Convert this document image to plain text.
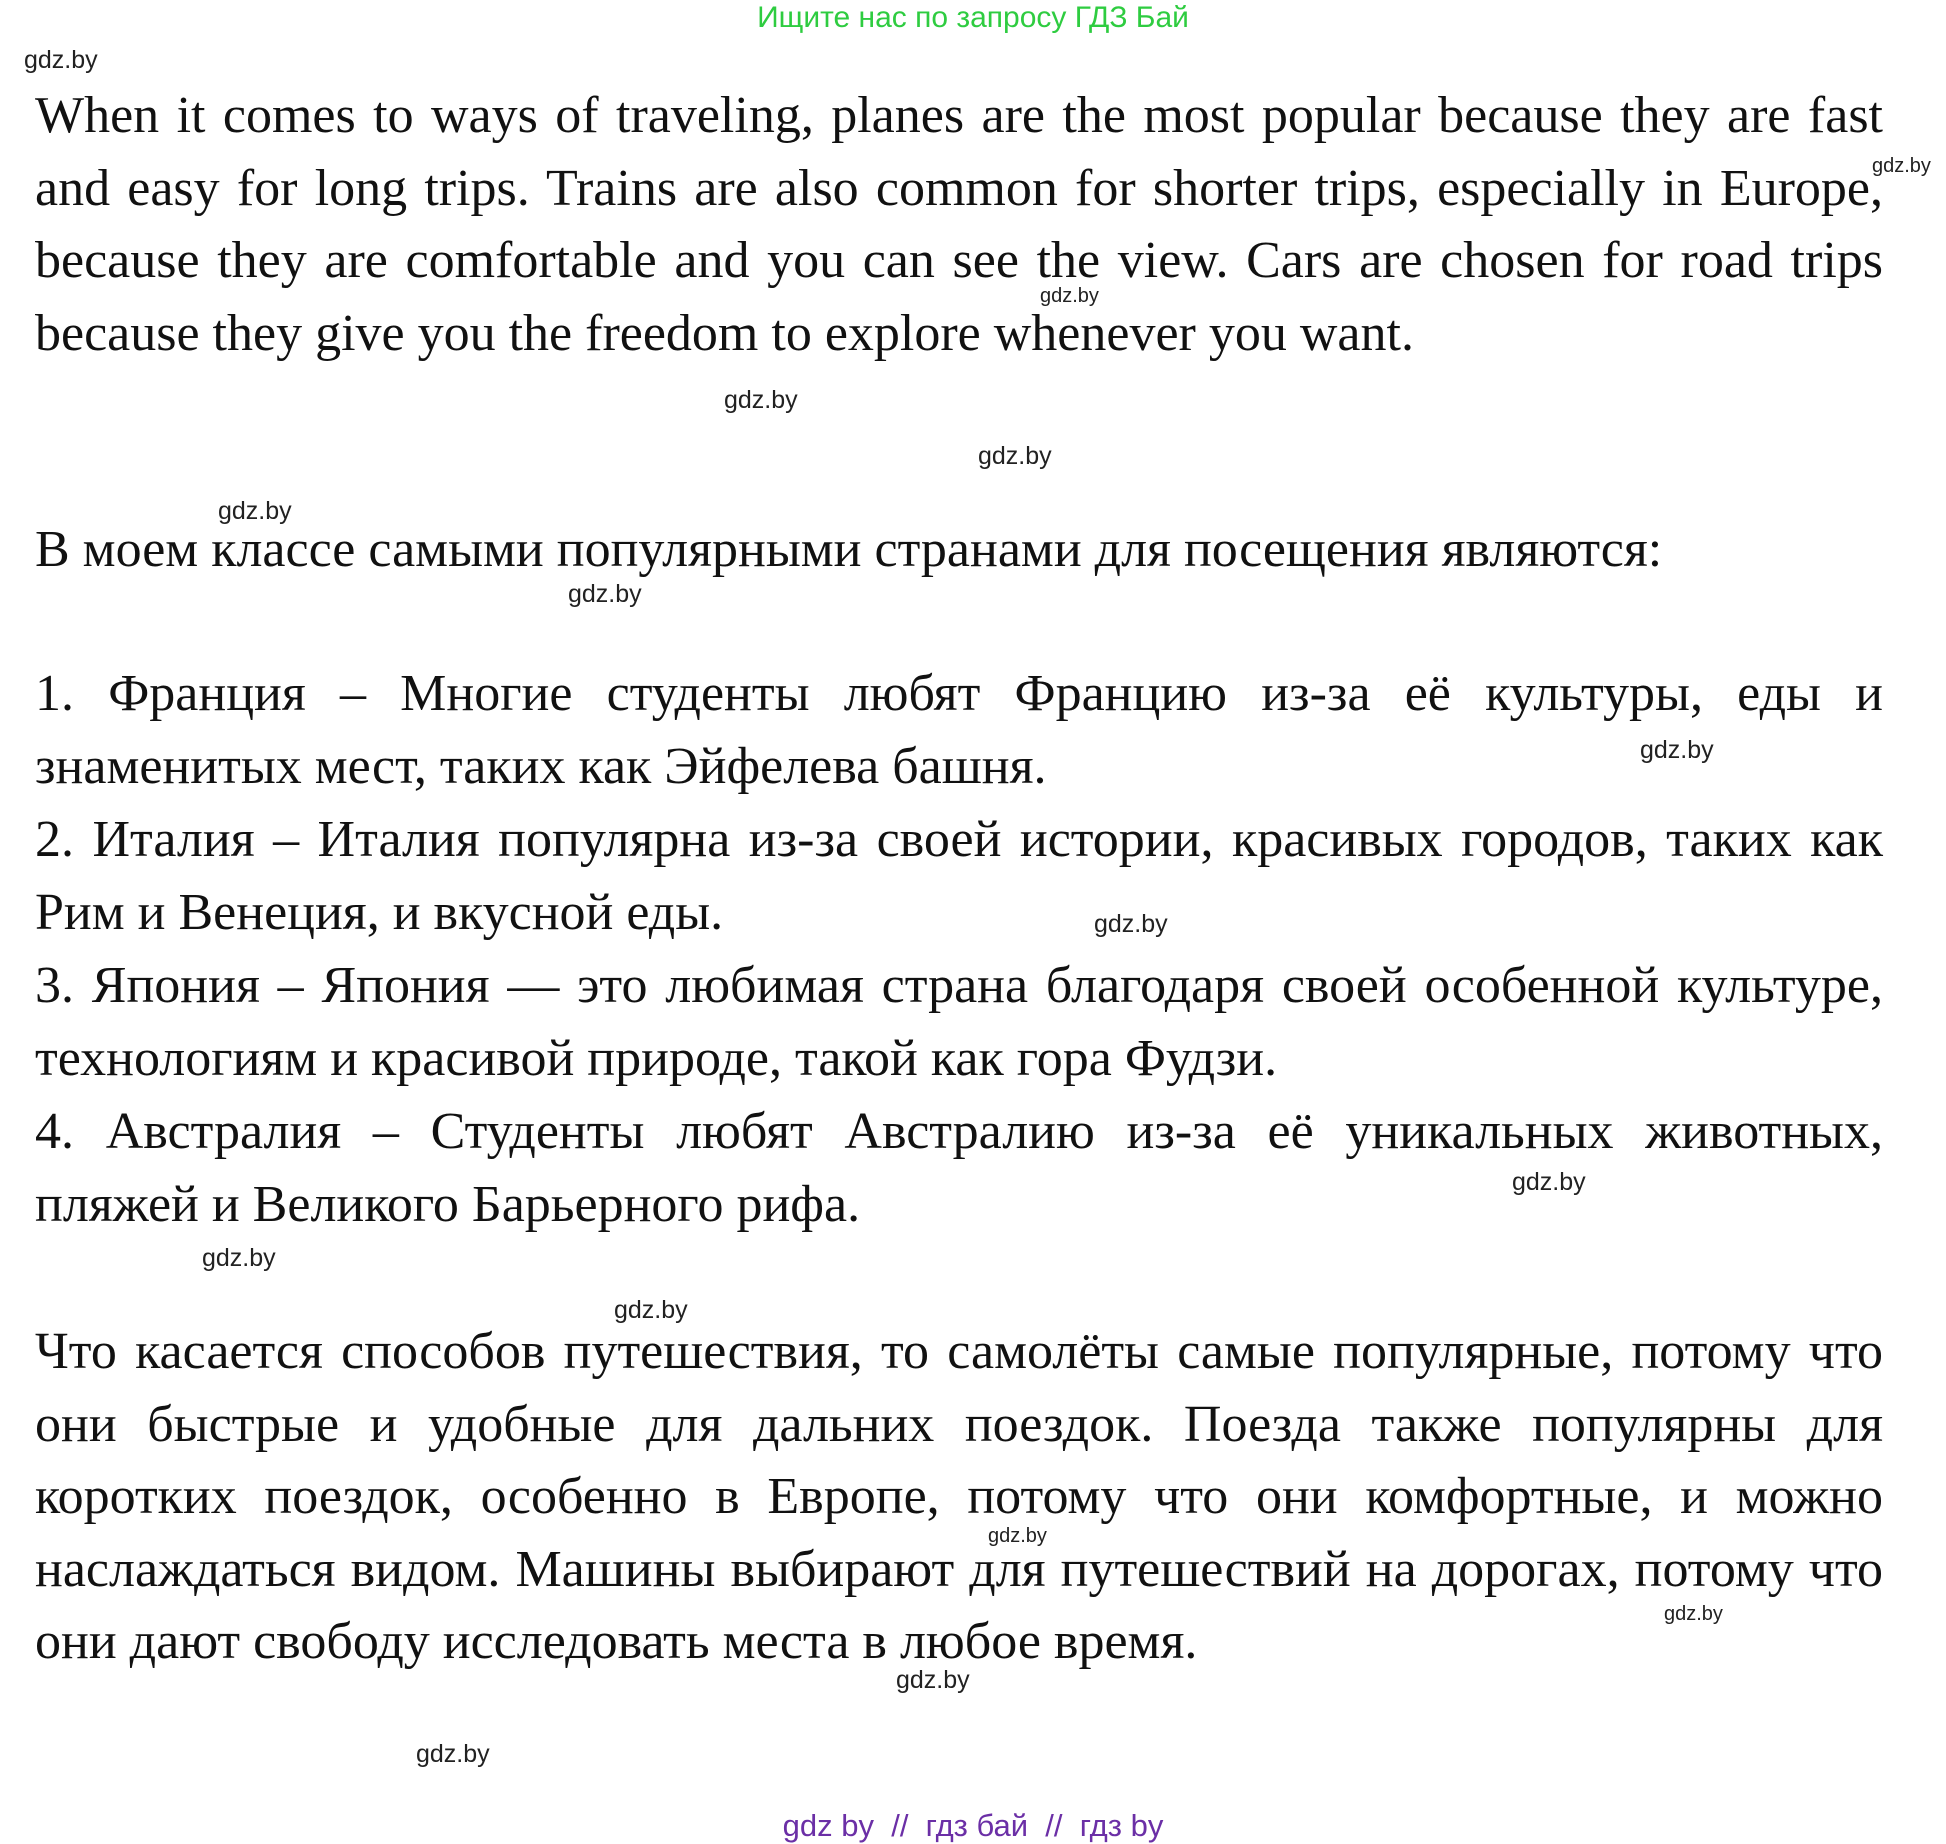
Ищите нас по запросу ГДЗ Бай
gdz.by

When it comes to ways of traveling, planes are the most popular because they are fast and easy for long trips. Trains are also common for shorter trips, especially in Europe, because they are comfortable and you can see the view. Cars are chosen for road trips because they give you the freedom to explore whenever you want.

gdz.by
gdz.by
gdz.by
gdz.by
gdz.by

В моем классе самыми популярными странами для посещения являются:

gdz.by

1. Франция – Многие студенты любят Францию из-за её культуры, еды и знаменитых мест, таких как Эйфелева башня.

2. Италия – Италия популярна из-за своей истории, красивых городов, таких как Рим и Венеция, и вкусной еды.

3. Япония – Япония — это любимая страна благодаря своей особенной культуре, технологиям и красивой природе, такой как гора Фудзи.

4. Австралия – Студенты любят Австралию из-за её уникальных животных, пляжей и Великого Барьерного рифа.

gdz.by
gdz.by
gdz.by
gdz.by
gdz.by

Что касается способов путешествия, то самолёты самые популярные, потому что они быстрые и удобные для дальних поездок. Поезда также популярны для коротких поездок, особенно в Европе, потому что они комфортные, и можно наслаждаться видом. Машины выбирают для путешествий на дорогах, потому что они дают свободу исследовать места в любое время.

gdz.by
gdz.by
gdz.by
gdz.by
gdz by  //  гдз бай  //  гдз by
